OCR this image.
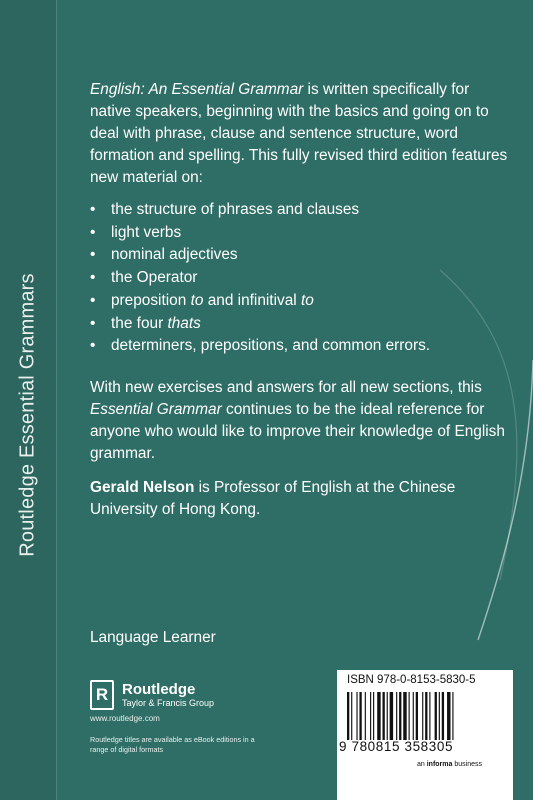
Routledge Essential Grammars
English: An Essential Grammar is written specifically for native speakers, beginning with the basics and going on to deal with phrase, clause and sentence structure, word formation and spelling. This fully revised third edition features new material on:
• the structure of phrases and clauses
• light verbs
• nominal adjectives
• the Operator
• preposition to and infinitival to
• the four thats
• determiners, prepositions, and common errors.
With new exercises and answers for all new sections, this Essential Grammar continues to be the ideal reference for anyone who would like to improve their knowledge of English grammar.
Gerald Nelson is Professor of English at the Chinese University of Hong Kong.
Language Learner
R Routledge
Taylor & Francis Group
www.routledge.com
Routledge titles are available as eBook editions in a range of digital formats
ISBN 978-0-8153-5830-5
9 780815 358305
an informa business
